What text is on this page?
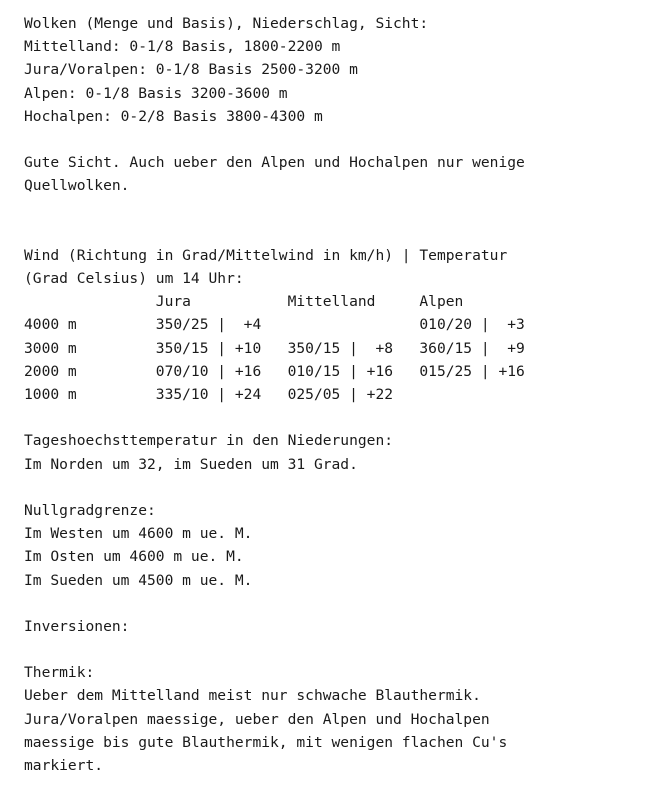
Wolken (Menge und Basis), Niederschlag, Sicht:
Mittelland: 0-1/8 Basis, 1800-2200 m
Jura/Voralpen: 0-1/8 Basis 2500-3200 m
Alpen: 0-1/8 Basis 3200-3600 m
Hochalpen: 0-2/8 Basis 3800-4300 m
Gute Sicht. Auch ueber den Alpen und Hochalpen nur wenige
Quellwolken.
Wind (Richtung in Grad/Mittelwind in km/h) | Temperatur
(Grad Celsius) um 14 Uhr:
Jura           Mittelland     Alpen
4000 m         350/25 |  +4                  010/20 |  +3
3000 m         350/15 | +10   350/15 |  +8   360/15 |  +9
2000 m         070/10 | +16   010/15 | +16   015/25 | +16
1000 m         335/10 | +24   025/05 | +22
Tageshoechsttemperatur in den Niederungen:
Im Norden um 32, im Sueden um 31 Grad.
Nullgradgrenze:
Im Westen um 4600 m ue. M.
Im Osten um 4600 m ue. M.
Im Sueden um 4500 m ue. M.
Inversionen:
Thermik:
Ueber dem Mittelland meist nur schwache Blauthermik.
Jura/Voralpen maessige, ueber den Alpen und Hochalpen
maessige bis gute Blauthermik, mit wenigen flachen Cu's
markiert.
